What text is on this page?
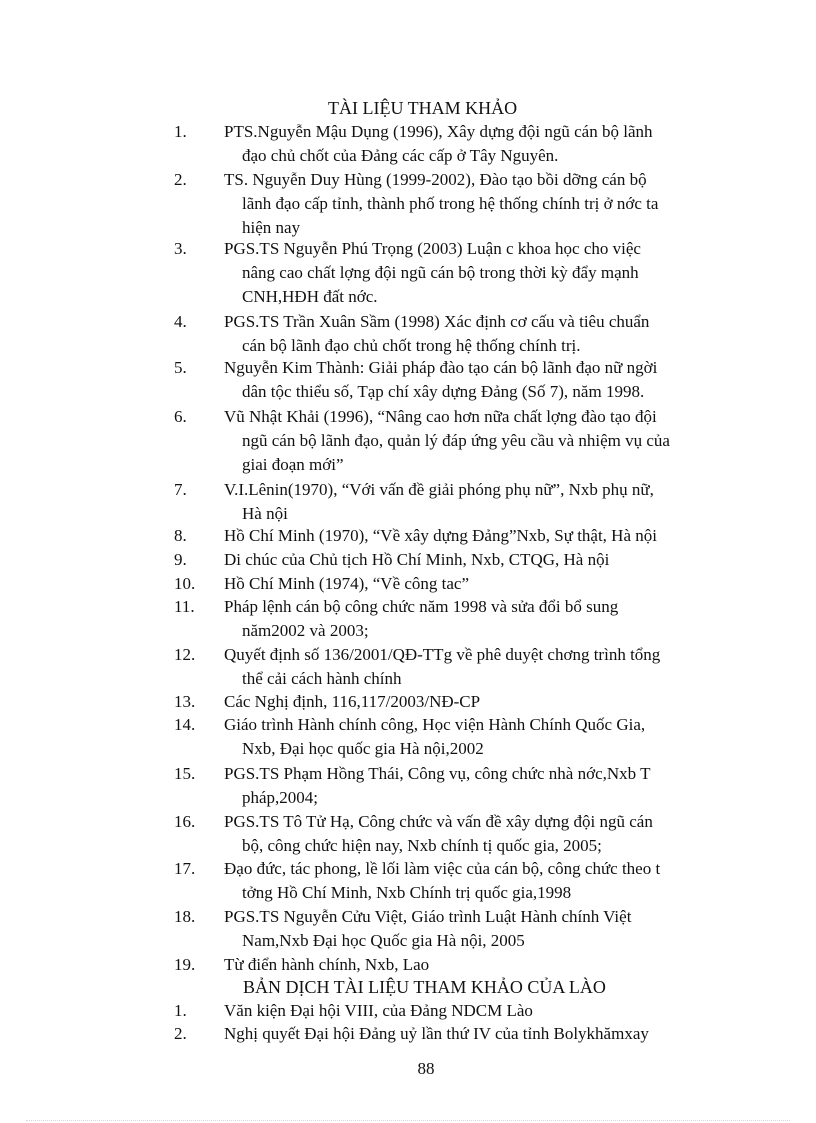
TÀI LIỆU THAM KHẢO
1. PTS.Nguyễn Mậu Dụng (1996), Xây dựng đội ngũ cán bộ lãnh
đạo chủ chốt của Đảng các cấp ở Tây Nguyên.
2. TS. Nguyễn Duy Hùng (1999-2002), Đào tạo bồi dỡng cán bộ
lãnh đạo cấp tỉnh, thành phố trong hệ thống chính trị ở nớc ta
hiện nay
3. PGS.TS Nguyễn Phú Trọng (2003) Luận c khoa học cho việc
nâng cao chất lợng đội ngũ cán bộ trong thời kỳ đẩy mạnh
CNH,HĐH đất nớc.
4. PGS.TS Trần Xuân Sầm (1998) Xác định cơ cấu và tiêu chuẩn
cán bộ lãnh đạo chủ chốt trong hệ thống chính trị.
5. Nguyễn Kim Thành: Giải pháp đào tạo cán bộ lãnh đạo nữ ngời
dân tộc thiểu số, Tạp chí xây dựng Đảng (Số 7), năm 1998.
6. Vũ Nhật Khải (1996), “Nâng cao hơn nữa chất lợng đào tạo đội
ngũ cán bộ lãnh đạo, quản lý đáp ứng yêu cầu và nhiệm vụ của
giai đoạn mới”
7. V.I.Lênin(1970), “Với vấn đề giải phóng phụ nữ”, Nxb phụ nữ,
Hà nội
8. Hồ Chí Minh (1970), “Về xây dựng Đảng”Nxb, Sự thật, Hà nội
9. Di chúc của Chủ tịch Hồ Chí Minh, Nxb, CTQG, Hà nội
10. Hồ Chí Minh (1974), “Về công tac”
11. Pháp lệnh cán bộ công chức năm 1998 và sửa đổi bổ sung
năm2002 và 2003;
12. Quyết định số 136/2001/QĐ-TTg về phê duyệt chơng trình tổng
thể cải cách hành chính
13. Các Nghị định, 116,117/2003/NĐ-CP
14. Giáo trình Hành chính công, Học viện Hành Chính Quốc Gia,
Nxb, Đại học quốc gia Hà nội,2002
15. PGS.TS Phạm Hồng Thái, Công vụ, công chức nhà nớc,Nxb T
pháp,2004;
16. PGS.TS Tô Tử Hạ, Công chức và vấn đề xây dựng đội ngũ cán
bộ, công chức hiện nay, Nxb chính tị quốc gia, 2005;
17. Đạo đức, tác phong, lề lối làm việc của cán bộ, công chức theo t
tởng Hồ Chí Minh, Nxb Chính trị quốc gia,1998
18. PGS.TS Nguyễn Cửu Việt, Giáo trình Luật Hành chính Việt
Nam,Nxb Đại học Quốc gia Hà nội, 2005
19. Từ điển hành chính, Nxb, Lao
BẢN DỊCH TÀI LIỆU THAM KHẢO CỦA LÀO
1. Văn kiện Đại hội VIII, của Đảng NDCM Lào
2. Nghị quyết Đại hội Đảng uỷ lần thứ IV của tỉnh Bolykhămxay
88
